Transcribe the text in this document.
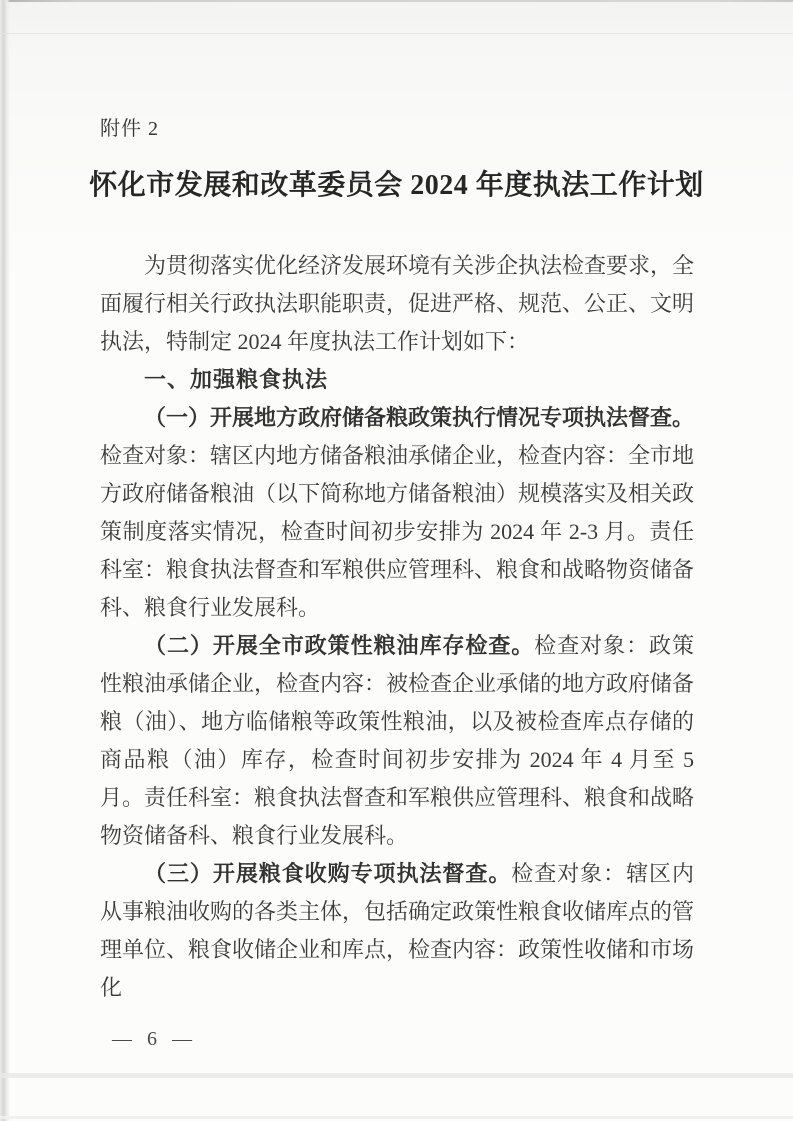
附件 2
怀化市发展和改革委员会 2024 年度执法工作计划

为贯彻落实优化经济发展环境有关涉企执法检查要求，全面履行相关行政执法职能职责，促进严格、规范、公正、文明执法，特制定 2024 年度执法工作计划如下：

一、加强粮食执法

（一）开展地方政府储备粮政策执行情况专项执法督查。检查对象：辖区内地方储备粮油承储企业，检查内容：全市地方政府储备粮油（以下简称地方储备粮油）规模落实及相关政策制度落实情况，检查时间初步安排为 2024 年 2-3 月。责任科室：粮食执法督查和军粮供应管理科、粮食和战略物资储备科、粮食行业发展科。

（二）开展全市政策性粮油库存检查。检查对象：政策性粮油承储企业，检查内容：被检查企业承储的地方政府储备粮（油）、地方临储粮等政策性粮油，以及被检查库点存储的商品粮（油）库存，检查时间初步安排为 2024 年 4 月至 5 月。责任科室：粮食执法督查和军粮供应管理科、粮食和战略物资储备科、粮食行业发展科。

（三）开展粮食收购专项执法督查。检查对象：辖区内从事粮油收购的各类主体，包括确定政策性粮食收储库点的管理单位、粮食收储企业和库点，检查内容：政策性收储和市场化

— 6 —
